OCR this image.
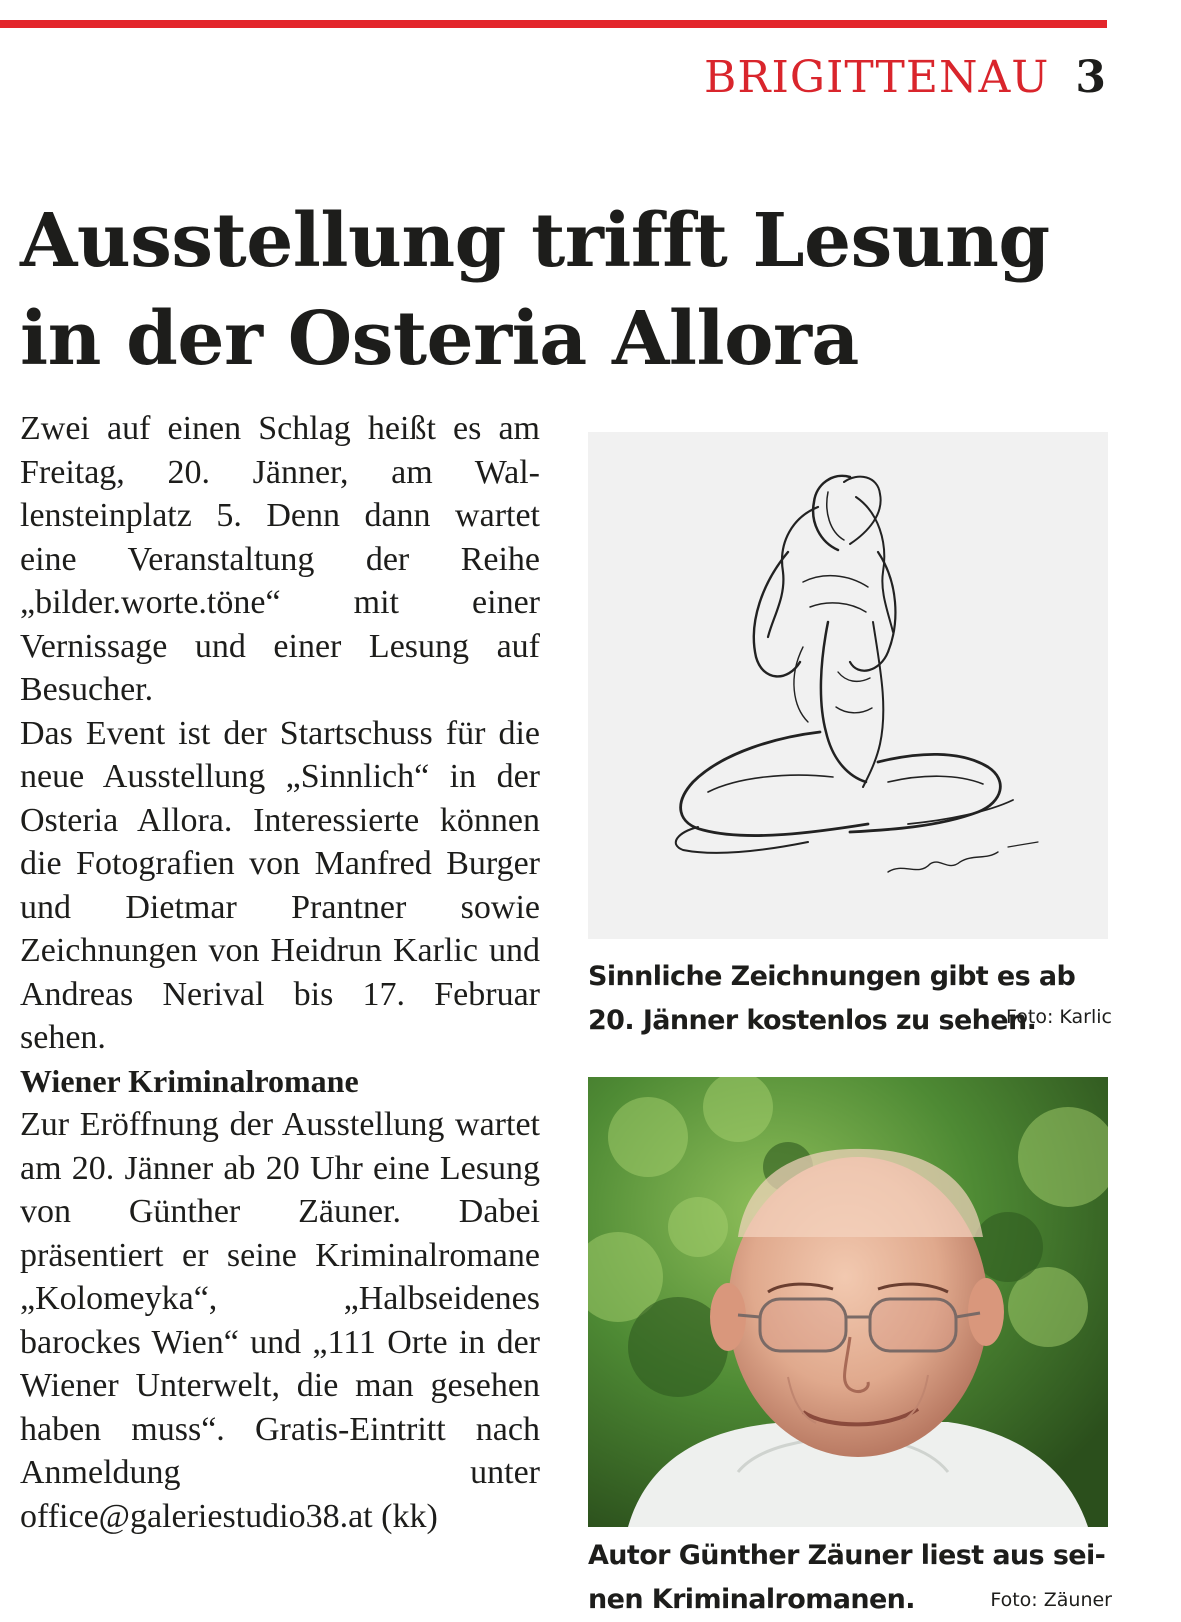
BRIGITTENAU 3
Ausstellung trifft Lesung
in der Osteria Allora

Zwei auf einen Schlag heißt es am Freitag, 20. Jänner, am Wallensteinplatz 5. Denn dann wartet eine Veranstaltung der Reihe „bilder.worte.töne“ mit einer Vernissage und einer Lesung auf Besucher.

Das Event ist der Startschuss für die neue Ausstellung „Sinnlich“ in der Osteria Allora. Interessierte können die Fotografien von Manfred Burger und Dietmar Prantner sowie Zeichnungen von Heidrun Karlic und Andreas Nerival bis 17. Februar sehen.

Wiener Kriminalromane

Zur Eröffnung der Ausstellung wartet am 20. Jänner ab 20 Uhr eine Lesung von Günther Zäuner. Dabei präsentiert er seine Kriminalromane „Kolomeyka“, „Halbseidenes barockes Wien“ und „111 Orte in der Wiener Unterwelt, die man gesehen haben muss“. Gratis-Eintritt nach Anmeldung unter office@galeriestudio38.at (kk)

Sinnliche Zeichnungen gibt es ab 20. Jänner kostenlos zu sehen.
Foto: Karlic
Autor Günther Zäuner liest aus seinen Kriminalromanen.	Foto: Zäuner
